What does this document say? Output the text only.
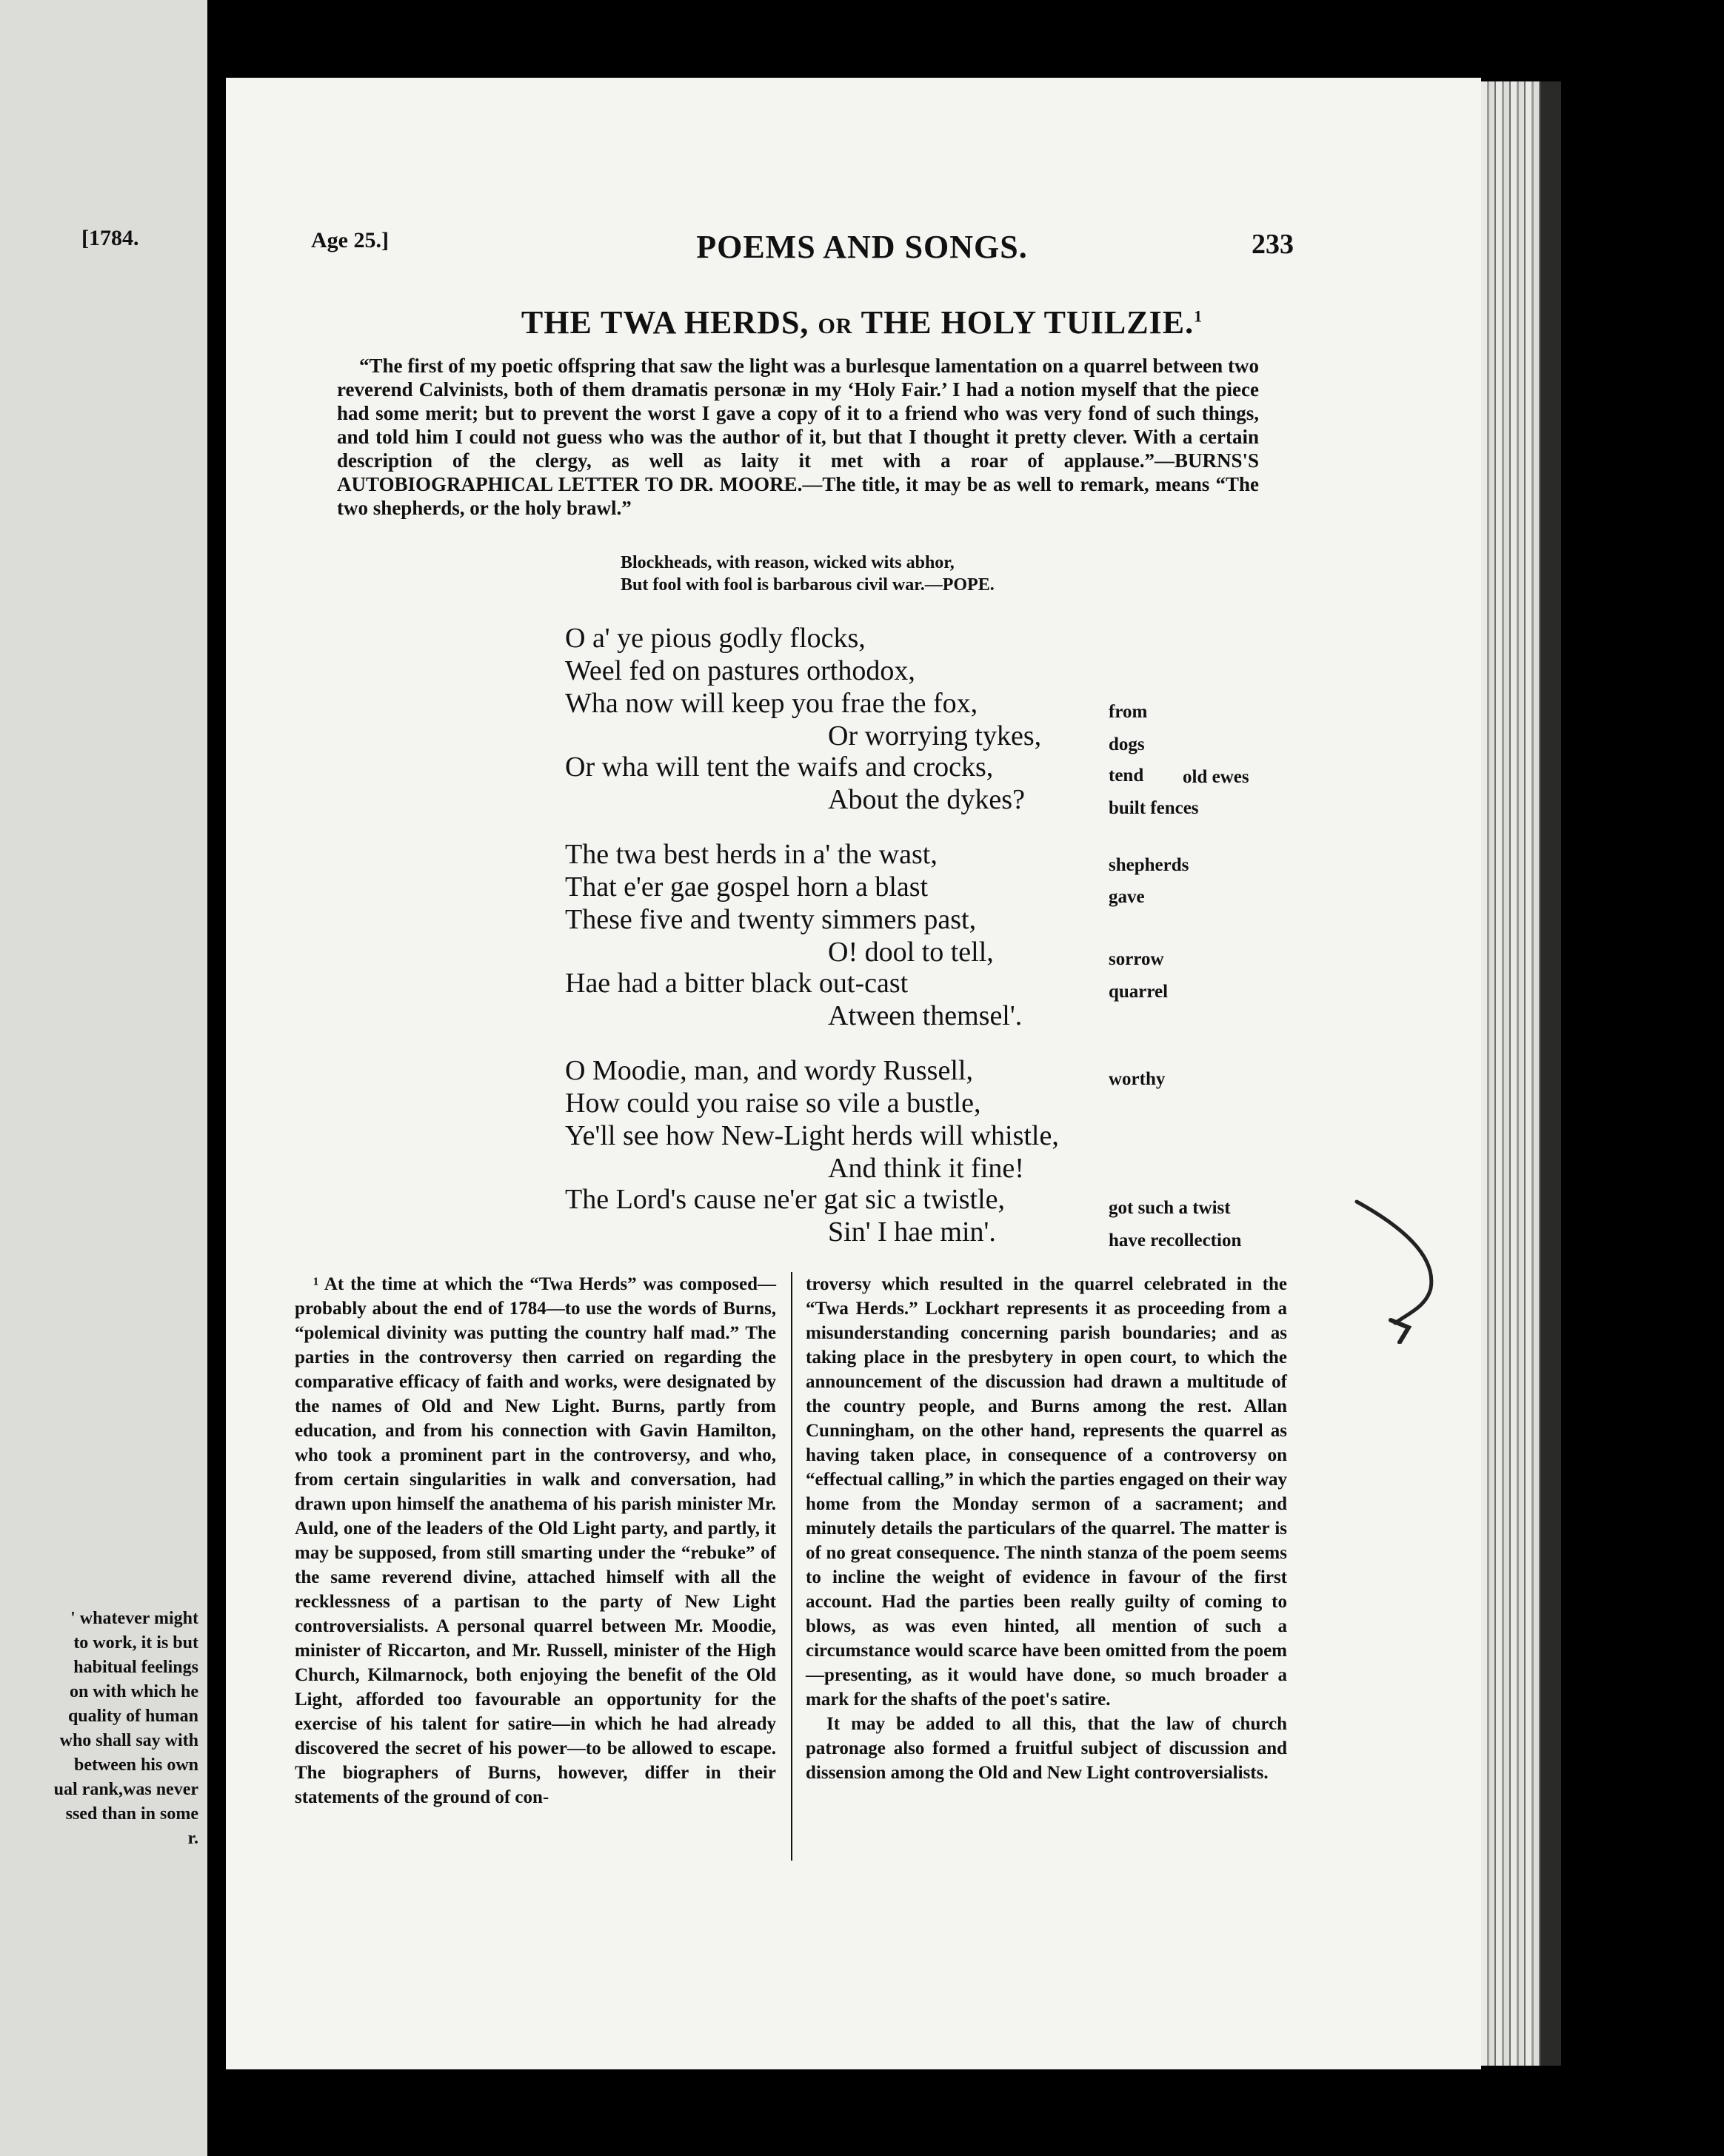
[1784.
' whatever might
to work, it is but
habitual feelings
on with which he
quality of human
who shall say with
between his own
ual rank,was never
ssed than in some
r.
Age 25.]	POEMS AND SONGS.	233
THE TWA HERDS, OR THE HOLY TUILZIE.$^1$
“The first of my poetic offspring that saw the light was a burlesque lamentation on a quarrel between two reverend Calvinists, both of them dramatis personæ in my ‘Holy Fair.’ I had a notion myself that the piece had some merit; but to prevent the worst I gave a copy of it to a friend who was very fond of such things, and told him I could not guess who was the author of it, but that I thought it pretty clever. With a certain description of the clergy, as well as laity it met with a roar of applause.”—BURNS'S AUTOBIOGRAPHICAL LETTER TO DR. MOORE.—The title, it may be as well to remark, means “The two shepherds, or the holy brawl.”
Blockheads, with reason, wicked wits abhor,
But fool with fool is barbarous civil war.—POPE.
O a' ye pious godly flocks,
Weel fed on pastures orthodox,
Wha now will keep you frae the fox,
Or worrying tykes,
Or wha will tent the waifs and crocks,
About the dykes?
The twa best herds in a' the wast,
That e'er gae gospel horn a blast
These five and twenty simmers past,
O! dool to tell,
Hae had a bitter black out-cast
Atween themsel'.
O Moodie, man, and wordy Russell,
How could you raise so vile a bustle,
Ye'll see how New-Light herds will whistle,
And think it fine!
The Lord's cause ne'er gat sic a twistle,
Sin' I hae min'.
from
dogs
tend old ewes
built fences
shepherds
gave
sorrow
quarrel
worthy
got such a twist
have recollection
¹ At the time at which the “Twa Herds” was composed—probably about the end of 1784—to use the words of Burns, “polemical divinity was putting the country half mad.” The parties in the controversy then carried on regarding the comparative efficacy of faith and works, were designated by the names of Old and New Light. Burns, partly from education, and from his connection with Gavin Hamilton, who took a prominent part in the controversy, and who, from certain singularities in walk and conversation, had drawn upon himself the anathema of his parish minister Mr. Auld, one of the leaders of the Old Light party, and partly, it may be supposed, from still smarting under the “rebuke” of the same reverend divine, attached himself with all the recklessness of a partisan to the party of New Light controversialists. A personal quarrel between Mr. Moodie, minister of Riccarton, and Mr. Russell, minister of the High Church, Kilmarnock, both enjoying the benefit of the Old Light, afforded too favourable an opportunity for the exercise of his talent for satire—in which he had already discovered the secret of his power—to be allowed to escape. The biographers of Burns, however, differ in their statements of the ground of con-

troversy which resulted in the quarrel celebrated in the “Twa Herds.” Lockhart represents it as proceeding from a misunderstanding concerning parish boundaries; and as taking place in the presbytery in open court, to which the announcement of the discussion had drawn a multitude of the country people, and Burns among the rest. Allan Cunningham, on the other hand, represents the quarrel as having taken place, in consequence of a controversy on “effectual calling,” in which the parties engaged on their way home from the Monday sermon of a sacrament; and minutely details the particulars of the quarrel. The matter is of no great consequence. The ninth stanza of the poem seems to incline the weight of evidence in favour of the first account. Had the parties been really guilty of coming to blows, as was even hinted, all mention of such a circumstance would scarce have been omitted from the poem—presenting, as it would have done, so much broader a mark for the shafts of the poet's satire.

It may be added to all this, that the law of church patronage also formed a fruitful subject of discussion and dissension among the Old and New Light controversialists.
